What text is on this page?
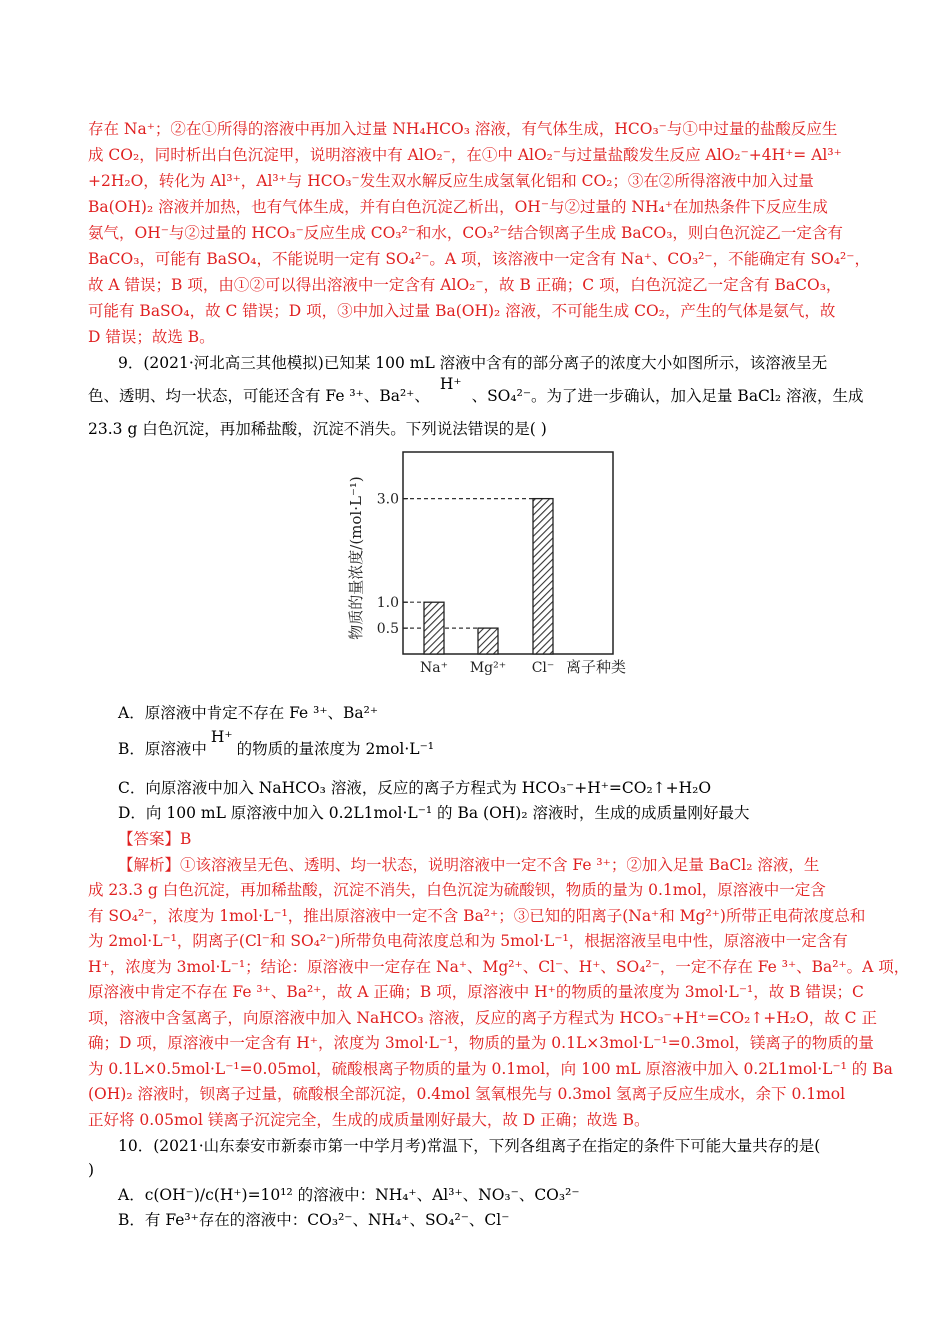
存在 Na⁺；②在①所得的溶液中再加入过量 NH₄HCO₃ 溶液，有气体生成，HCO₃⁻与①中过量的盐酸反应生
成 CO₂，同时析出白色沉淀甲，说明溶液中有 AlO₂⁻，在①中 AlO₂⁻与过量盐酸发生反应 AlO₂⁻+4H⁺= Al³⁺
+2H₂O，转化为 Al³⁺，Al³⁺与 HCO₃⁻发生双水解反应生成氢氧化铝和 CO₂；③在②所得溶液中加入过量
Ba(OH)₂ 溶液并加热，也有气体生成，并有白色沉淀乙析出，OH⁻与②过量的 NH₄⁺在加热条件下反应生成
氨气，OH⁻与②过量的 HCO₃⁻反应生成 CO₃²⁻和水，CO₃²⁻结合钡离子生成 BaCO₃，则白色沉淀乙一定含有
BaCO₃，可能有 BaSO₄，不能说明一定有 SO₄²⁻。A 项，该溶液中一定含有 Na⁺、CO₃²⁻，不能确定有 SO₄²⁻，
故 A 错误；B 项，由①②可以得出溶液中一定含有 AlO₂⁻，故 B 正确；C 项，白色沉淀乙一定含有 BaCO₃，
可能有 BaSO₄，故 C 错误；D 项，③中加入过量 Ba(OH)₂ 溶液，不可能生成 CO₂，产生的气体是氨气，故
D 错误；故选 B。
9．(2021·河北高三其他模拟)已知某 100 mL 溶液中含有的部分离子的浓度大小如图所示，该溶液呈无
色、透明、均一状态，可能还含有 Fe ³⁺、Ba²⁺、H⁺、SO₄²⁻。为了进一步确认，加入足量 BaCl₂ 溶液，生成
23.3 g 白色沉淀，再加稀盐酸，沉淀不消失。下列说法错误的是( )
3.0
1.0
0.5
Na⁺ Mg²⁺ Cl⁻
物质的量浓度/(mol·L⁻¹)
离子种类
A．原溶液中肯定不存在 Fe ³⁺、Ba²⁺
B．原溶液中H⁺的物质的量浓度为 2mol·L⁻¹
C．向原溶液中加入 NaHCO₃ 溶液，反应的离子方程式为 HCO₃⁻+H⁺=CO₂↑+H₂O
D．向 100 mL 原溶液中加入 0.2L1mol·L⁻¹ 的 Ba (OH)₂ 溶液时，生成的成质量刚好最大
【答案】B
【解析】①该溶液呈无色、透明、均一状态，说明溶液中一定不含 Fe ³⁺；②加入足量 BaCl₂ 溶液，生
成 23.3 g 白色沉淀，再加稀盐酸，沉淀不消失，白色沉淀为硫酸钡，物质的量为 0.1mol，原溶液中一定含
有 SO₄²⁻，浓度为 1mol·L⁻¹，推出原溶液中一定不含 Ba²⁺；③已知的阳离子(Na⁺和 Mg²⁺)所带正电荷浓度总和
为 2mol·L⁻¹，阴离子(Cl⁻和 SO₄²⁻)所带负电荷浓度总和为 5mol·L⁻¹，根据溶液呈电中性，原溶液中一定含有
H⁺，浓度为 3mol·L⁻¹；结论：原溶液中一定存在 Na⁺、Mg²⁺、Cl⁻、H⁺、SO₄²⁻，一定不存在 Fe ³⁺、Ba²⁺。A 项，
原溶液中肯定不存在 Fe ³⁺、Ba²⁺，故 A 正确；B 项，原溶液中 H⁺的物质的量浓度为 3mol·L⁻¹，故 B 错误；C
项，溶液中含氢离子，向原溶液中加入 NaHCO₃ 溶液，反应的离子方程式为 HCO₃⁻+H⁺=CO₂↑+H₂O，故 C 正
确；D 项，原溶液中一定含有 H⁺，浓度为 3mol·L⁻¹，物质的量为 0.1L×3mol·L⁻¹=0.3mol，镁离子的物质的量
为 0.1L×0.5mol·L⁻¹=0.05mol，硫酸根离子物质的量为 0.1mol，向 100 mL 原溶液中加入 0.2L1mol·L⁻¹ 的 Ba
(OH)₂ 溶液时，钡离子过量，硫酸根全部沉淀，0.4mol 氢氧根先与 0.3mol 氢离子反应生成水，余下 0.1mol
正好将 0.05mol 镁离子沉淀完全，生成的成质量刚好最大，故 D 正确；故选 B。
10．(2021·山东泰安市新泰市第一中学月考)常温下，下列各组离子在指定的条件下可能大量共存的是(
)
A．c(OH⁻)/c(H⁺)=10¹² 的溶液中：NH₄⁺、Al³⁺、NO₃⁻、CO₃²⁻
B．有 Fe³⁺存在的溶液中：CO₃²⁻、NH₄⁺、SO₄²⁻、Cl⁻
